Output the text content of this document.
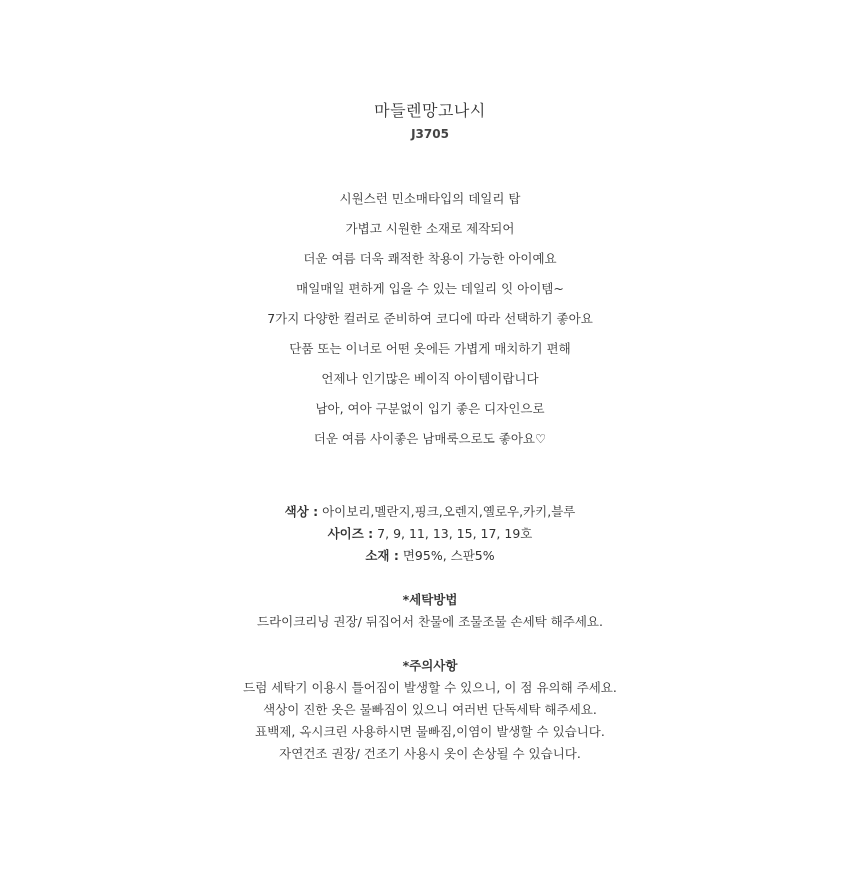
마들렌망고나시
J3705
시원스런 민소매타입의 데일리 탑
가볍고 시원한 소재로 제작되어
더운 여름 더욱 쾌적한 착용이 가능한 아이예요
매일매일 편하게 입을 수 있는 데일리 잇 아이템~
7가지 다양한 컬러로 준비하여 코디에 따라 선택하기 좋아요
단품 또는 이너로 어떤 옷에든 가볍게 매치하기 편해
언제나 인기많은 베이직 아이템이랍니다
남아, 여아 구분없이 입기 좋은 디자인으로
더운 여름 사이좋은 남매룩으로도 좋아요♡
색상 : 아이보리,멜란지,핑크,오렌지,옐로우,카키,블루
사이즈 : 7, 9, 11, 13, 15, 17, 19호
소재 : 면95%, 스판5%
*세탁방법
드라이크리닝 권장/ 뒤집어서 찬물에 조물조물 손세탁 해주세요.
*주의사항
드럼 세탁기 이용시 틀어짐이 발생할 수 있으니, 이 점 유의해 주세요.
색상이 진한 옷은 물빠짐이 있으니 여러번 단독세탁 해주세요.
표백제, 옥시크린 사용하시면 물빠짐,이염이 발생할 수 있습니다.
자연건조 권장/ 건조기 사용시 옷이 손상될 수 있습니다.
